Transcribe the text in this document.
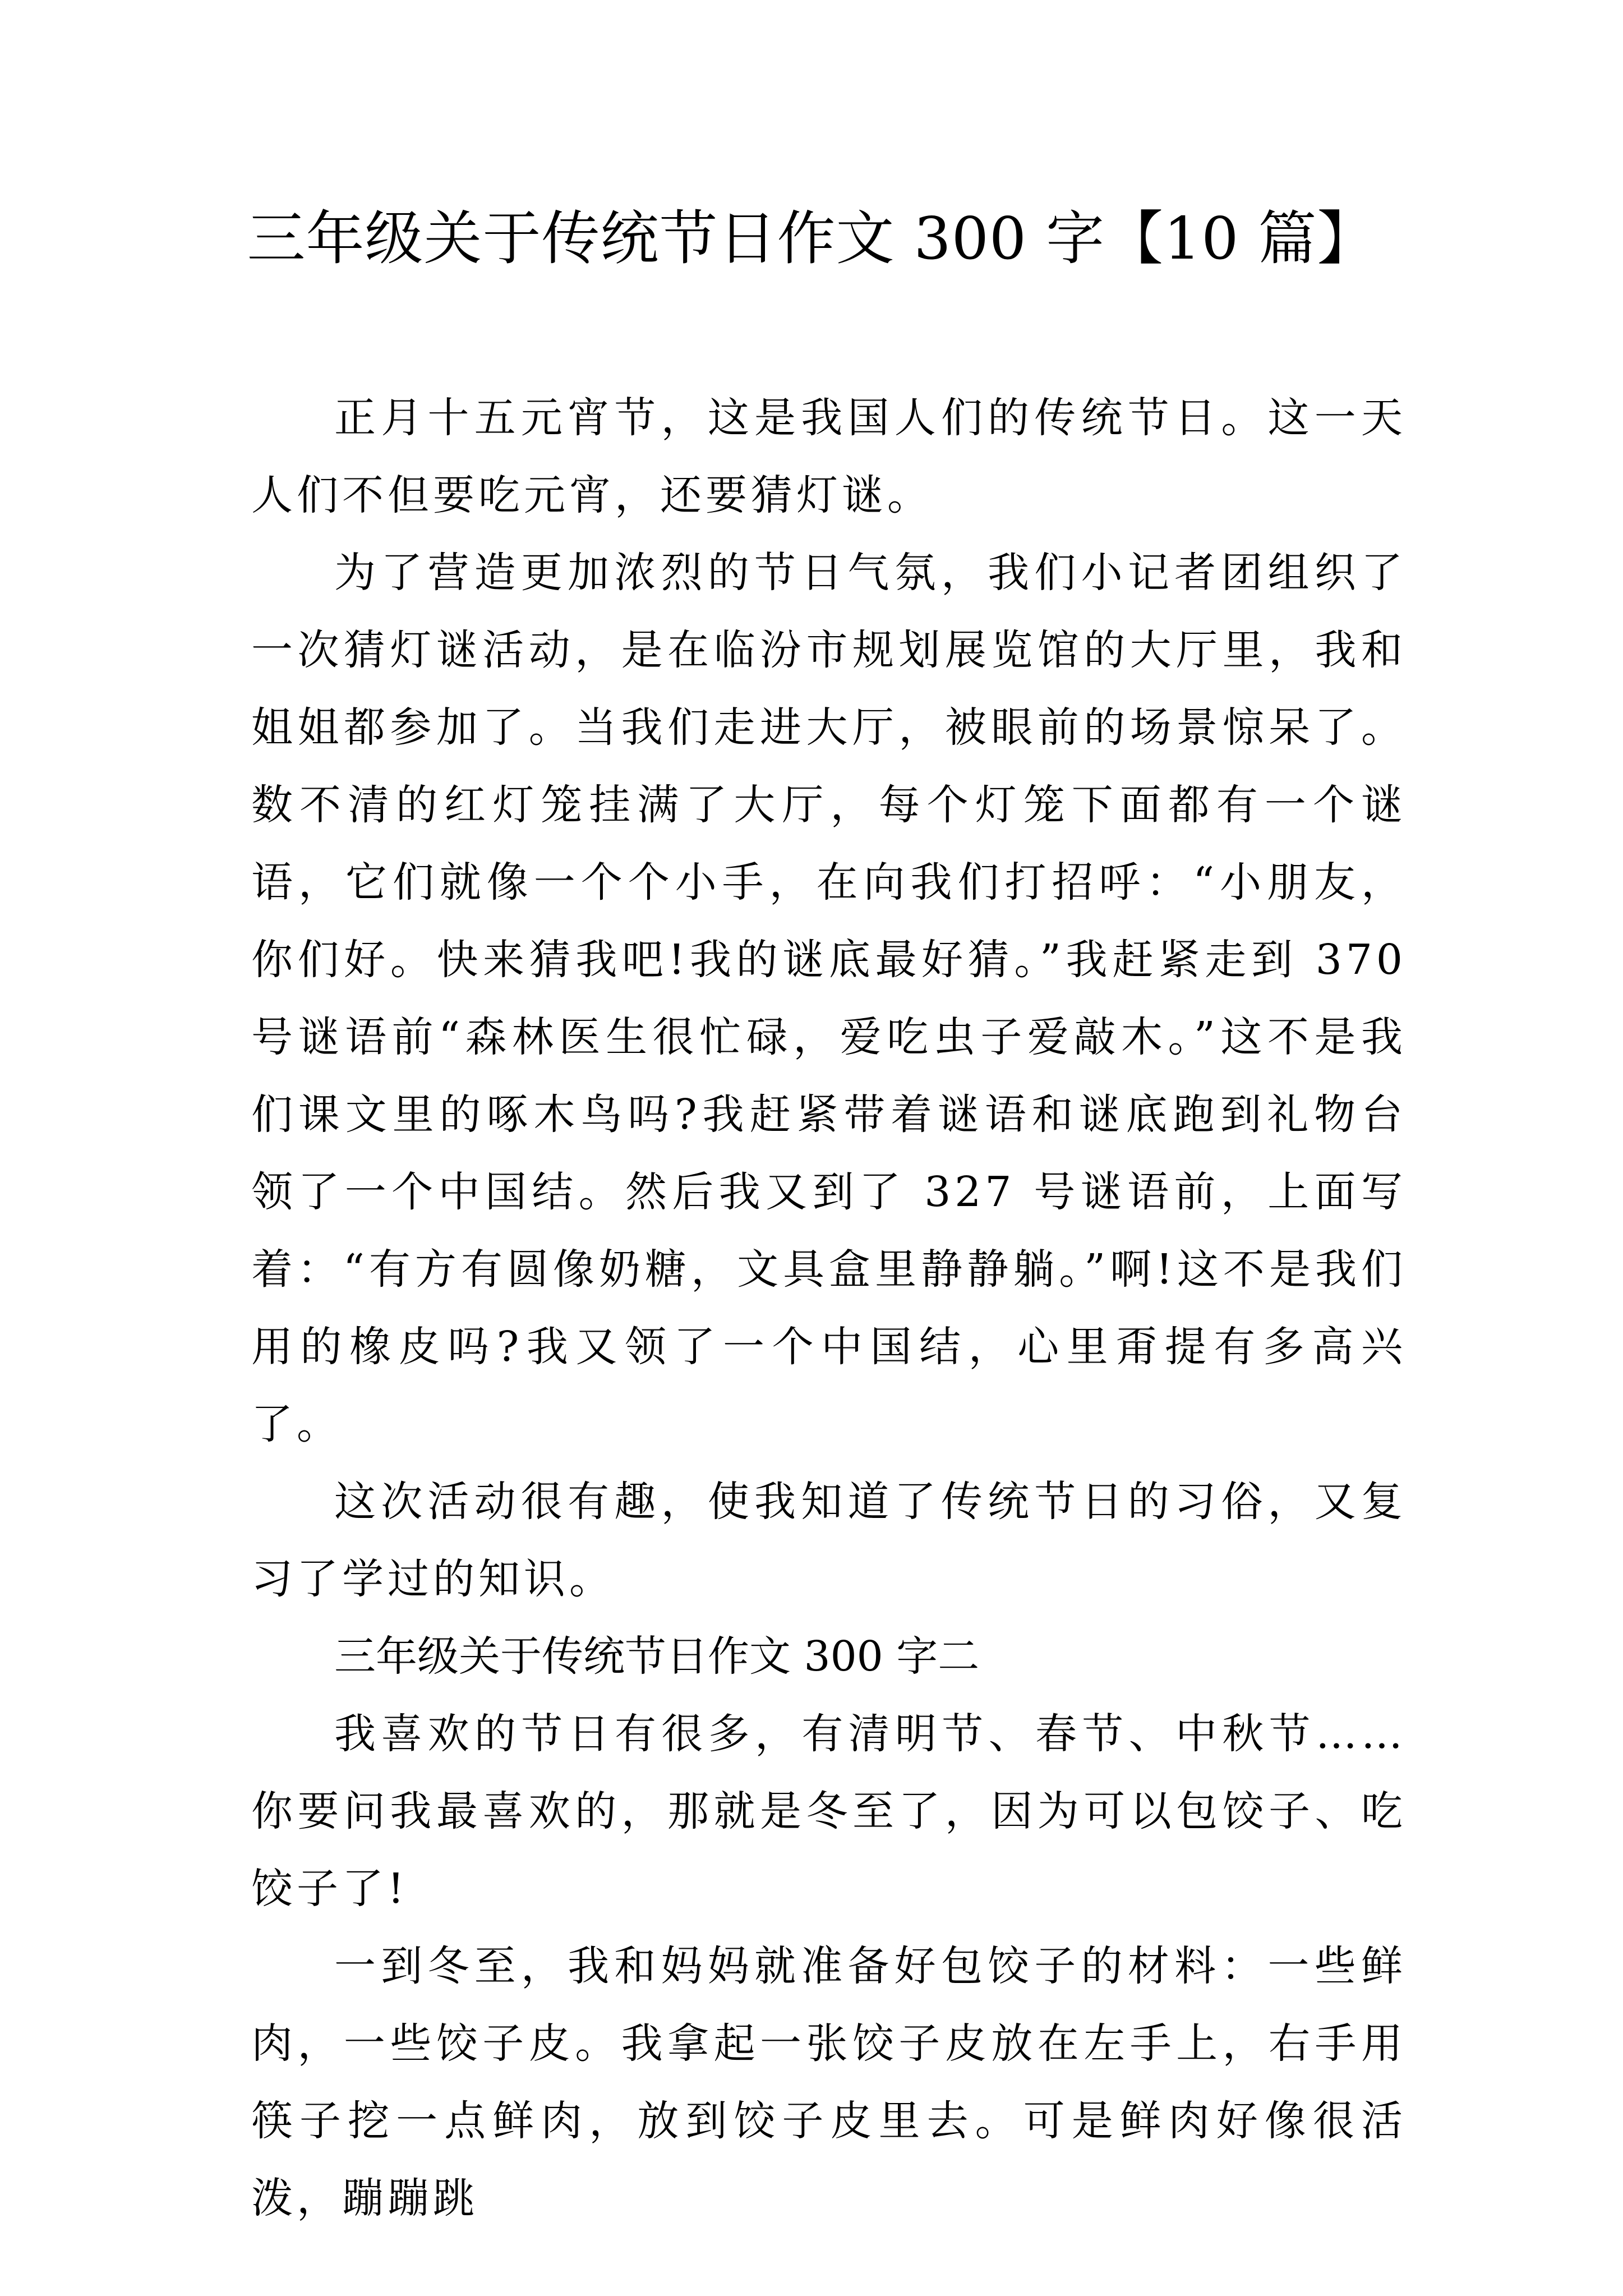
三年级关于传统节日作文 300 字【10 篇】

正月十五元宵节，这是我国人们的传统节日。这一天人们不但要吃元宵，还要猜灯谜。

为了营造更加浓烈的节日气氛，我们小记者团组织了一次猜灯谜活动，是在临汾市规划展览馆的大厅里，我和姐姐都参加了。当我们走进大厅，被眼前的场景惊呆了。数不清的红灯笼挂满了大厅，每个灯笼下面都有一个谜语，它们就像一个个小手，在向我们打招呼：“小朋友，你们好。快来猜我吧!我的谜底最好猜。”我赶紧走到 370 号谜语前“森林医生很忙碌，爱吃虫子爱敲木。”这不是我们课文里的啄木鸟吗?我赶紧带着谜语和谜底跑到礼物台领了一个中国结。然后我又到了 327 号谜语前，上面写着：“有方有圆像奶糖，文具盒里静静躺。”啊!这不是我们用的橡皮吗?我又领了一个中国结，心里甭提有多高兴了。

这次活动很有趣，使我知道了传统节日的习俗，又复习了学过的知识。

三年级关于传统节日作文 300 字二

我喜欢的节日有很多，有清明节、春节、中秋节……你要问我最喜欢的，那就是冬至了，因为可以包饺子、吃饺子了!

一到冬至，我和妈妈就准备好包饺子的材料：一些鲜肉，一些饺子皮。我拿起一张饺子皮放在左手上，右手用筷子挖一点鲜肉，放到饺子皮里去。可是鲜肉好像很活泼，蹦蹦跳
